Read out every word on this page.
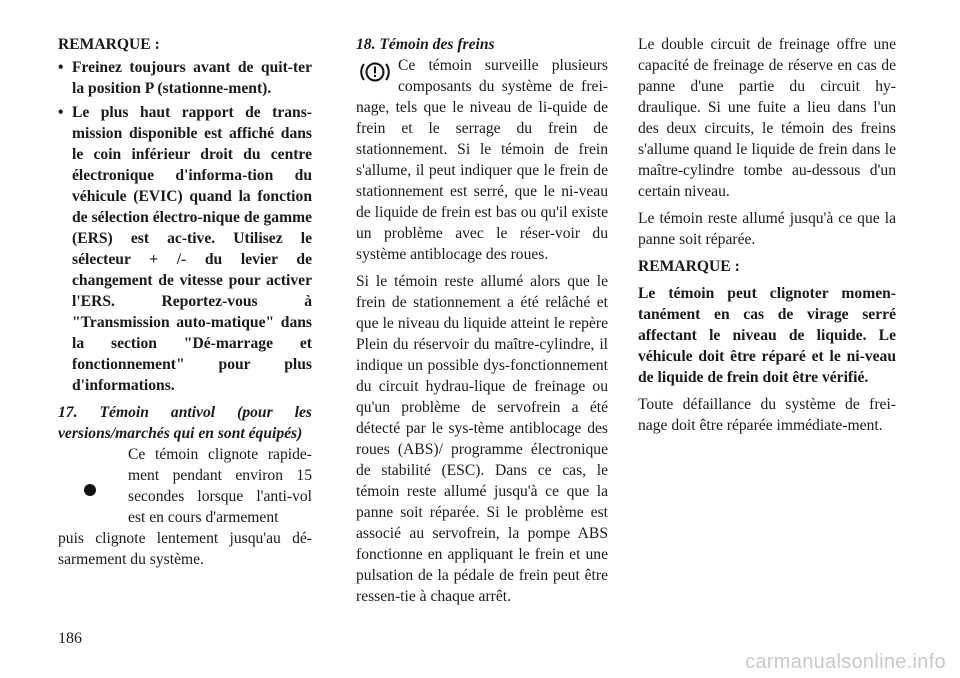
REMARQUE :

• Freinez toujours avant de quit-ter la position P (stationne-ment).
• Le plus haut rapport de trans-mission disponible est affiché dans le coin inférieur droit du centre électronique d'informa-tion du véhicule (EVIC) quand la fonction de sélection électro-nique de gamme (ERS) est ac-tive. Utilisez le sélecteur + /- du levier de changement de vitesse pour activer l'ERS. Reportez-vous à "Transmission auto-matique" dans la section "Dé-marrage et fonctionnement" pour plus d'informations.

17. Témoin antivol (pour les versions/marchés qui en sont équipés)

Ce témoin clignote rapide-ment pendant environ 15 secondes lorsque l'anti-vol est en cours d'armement

puis clignote lentement jusqu'au dé-sarmement du système.

18. Témoin des freins

Ce témoin surveille plusieurs composants du système de frei-nage, tels que le niveau de li-quide de frein et le serrage du frein de stationnement. Si le témoin de frein s'allume, il peut indiquer que le frein de stationnement est serré, que le ni-veau de liquide de frein est bas ou qu'il existe un problème avec le réser-voir du système antiblocage des roues.

Si le témoin reste allumé alors que le frein de stationnement a été relâché et que le niveau du liquide atteint le repère Plein du réservoir du maître-cylindre, il indique un possible dys-fonctionnement du circuit hydrau-lique de freinage ou qu'un problème de servofrein a été détecté par le sys-tème antiblocage des roues (ABS)/ programme électronique de stabilité (ESC). Dans ce cas, le témoin reste allumé jusqu'à ce que la panne soit réparée. Si le problème est associé au servofrein, la pompe ABS fonctionne en appliquant le frein et une pulsation de la pédale de frein peut être ressen-tie à chaque arrêt.

Le double circuit de freinage offre une capacité de freinage de réserve en cas de panne d'une partie du circuit hy-draulique. Si une fuite a lieu dans l'un des deux circuits, le témoin des freins s'allume quand le liquide de frein dans le maître-cylindre tombe au-dessous d'un certain niveau.

Le témoin reste allumé jusqu'à ce que la panne soit réparée.

REMARQUE :

Le témoin peut clignoter momen-tanément en cas de virage serré affectant le niveau de liquide. Le véhicule doit être réparé et le ni-veau de liquide de frein doit être vérifié.

Toute défaillance du système de frei-nage doit être réparée immédiate-ment.

186
carmanualsonline.info
